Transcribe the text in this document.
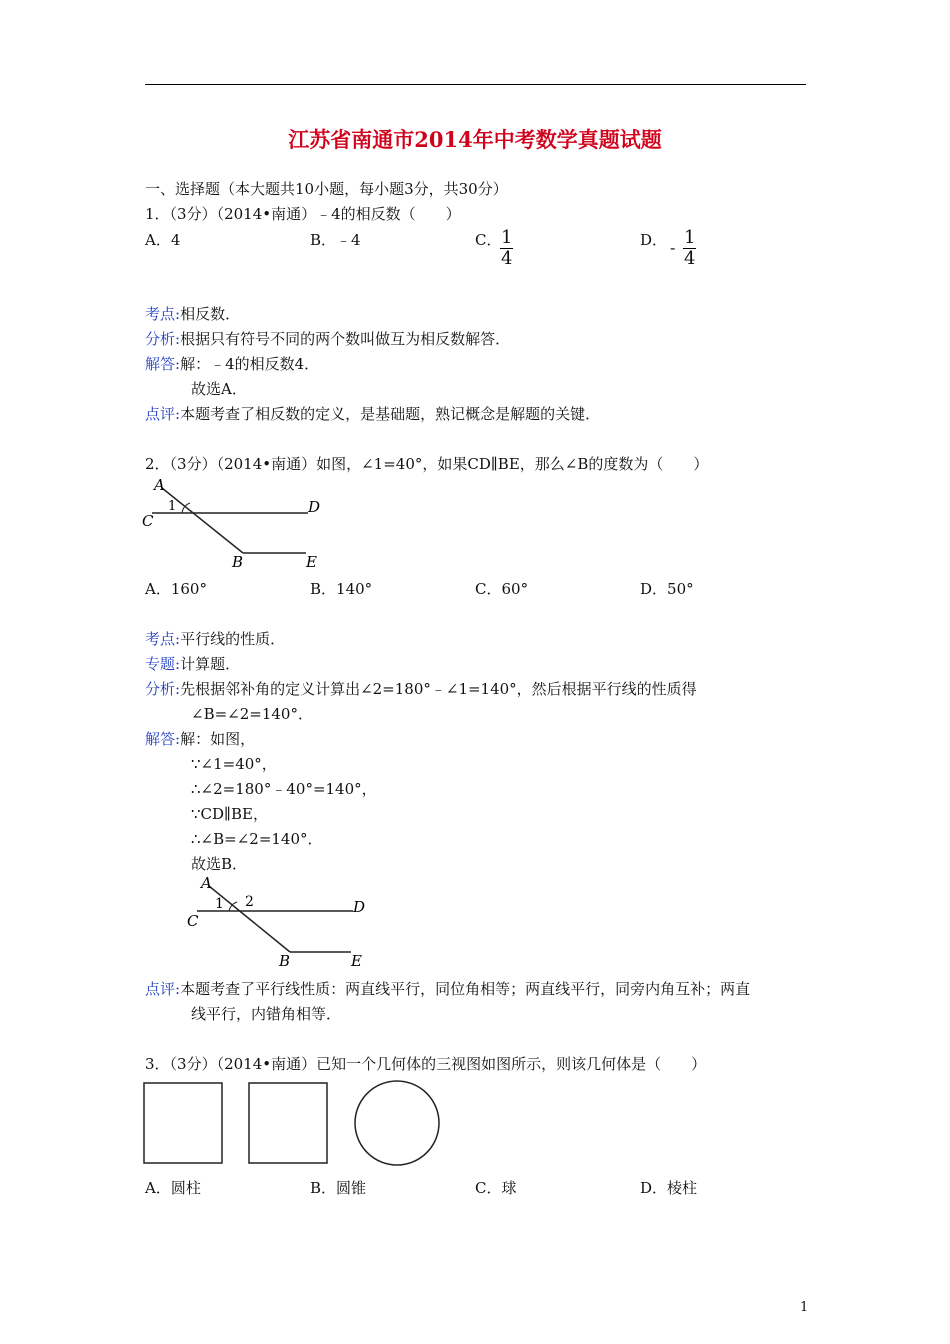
江苏省南通市2014年中考数学真题试题
一、选择题（本大题共10小题，每小题3分，共30分）
1．（3分）（2014•南通）﹣4的相反数（　　）
A．4	B．﹣4	C．
$\frac{1}{4}$	D． - $\frac{1}{4}$
考点:相反数．
分析:根据只有符号不同的两个数叫做互为相反数解答．
解答:解：﹣4的相反数4．
故选A．
点评:本题考查了相反数的定义，是基础题，熟记概念是解题的关键．
2．（3分）（2014•南通）如图，∠1=40°，如果CD∥BE，那么∠B的度数为（　　）
A
C
D
B	E
1
A．160°	B．140°	C．60°	D．50°
考点:平行线的性质．
专题:计算题．
分析:先根据邻补角的定义计算出∠2=180°﹣∠1=140°，然后根据平行线的性质得
∠B=∠2=140°．
解答:解：如图，
∵∠1=40°，
∴∠2=180°﹣40°=140°，
∵CD∥BE，
∴∠B=∠2=140°．
故选B．
A
C
D
B	E
1 2
点评:本题考查了平行线性质：两直线平行，同位角相等；两直线平行，同旁内角互补；两直
线平行，内错角相等．
3．（3分）（2014•南通）已知一个几何体的三视图如图所示，则该几何体是（　　）
A．圆柱	B．圆锥	C．球	D．棱柱
1
